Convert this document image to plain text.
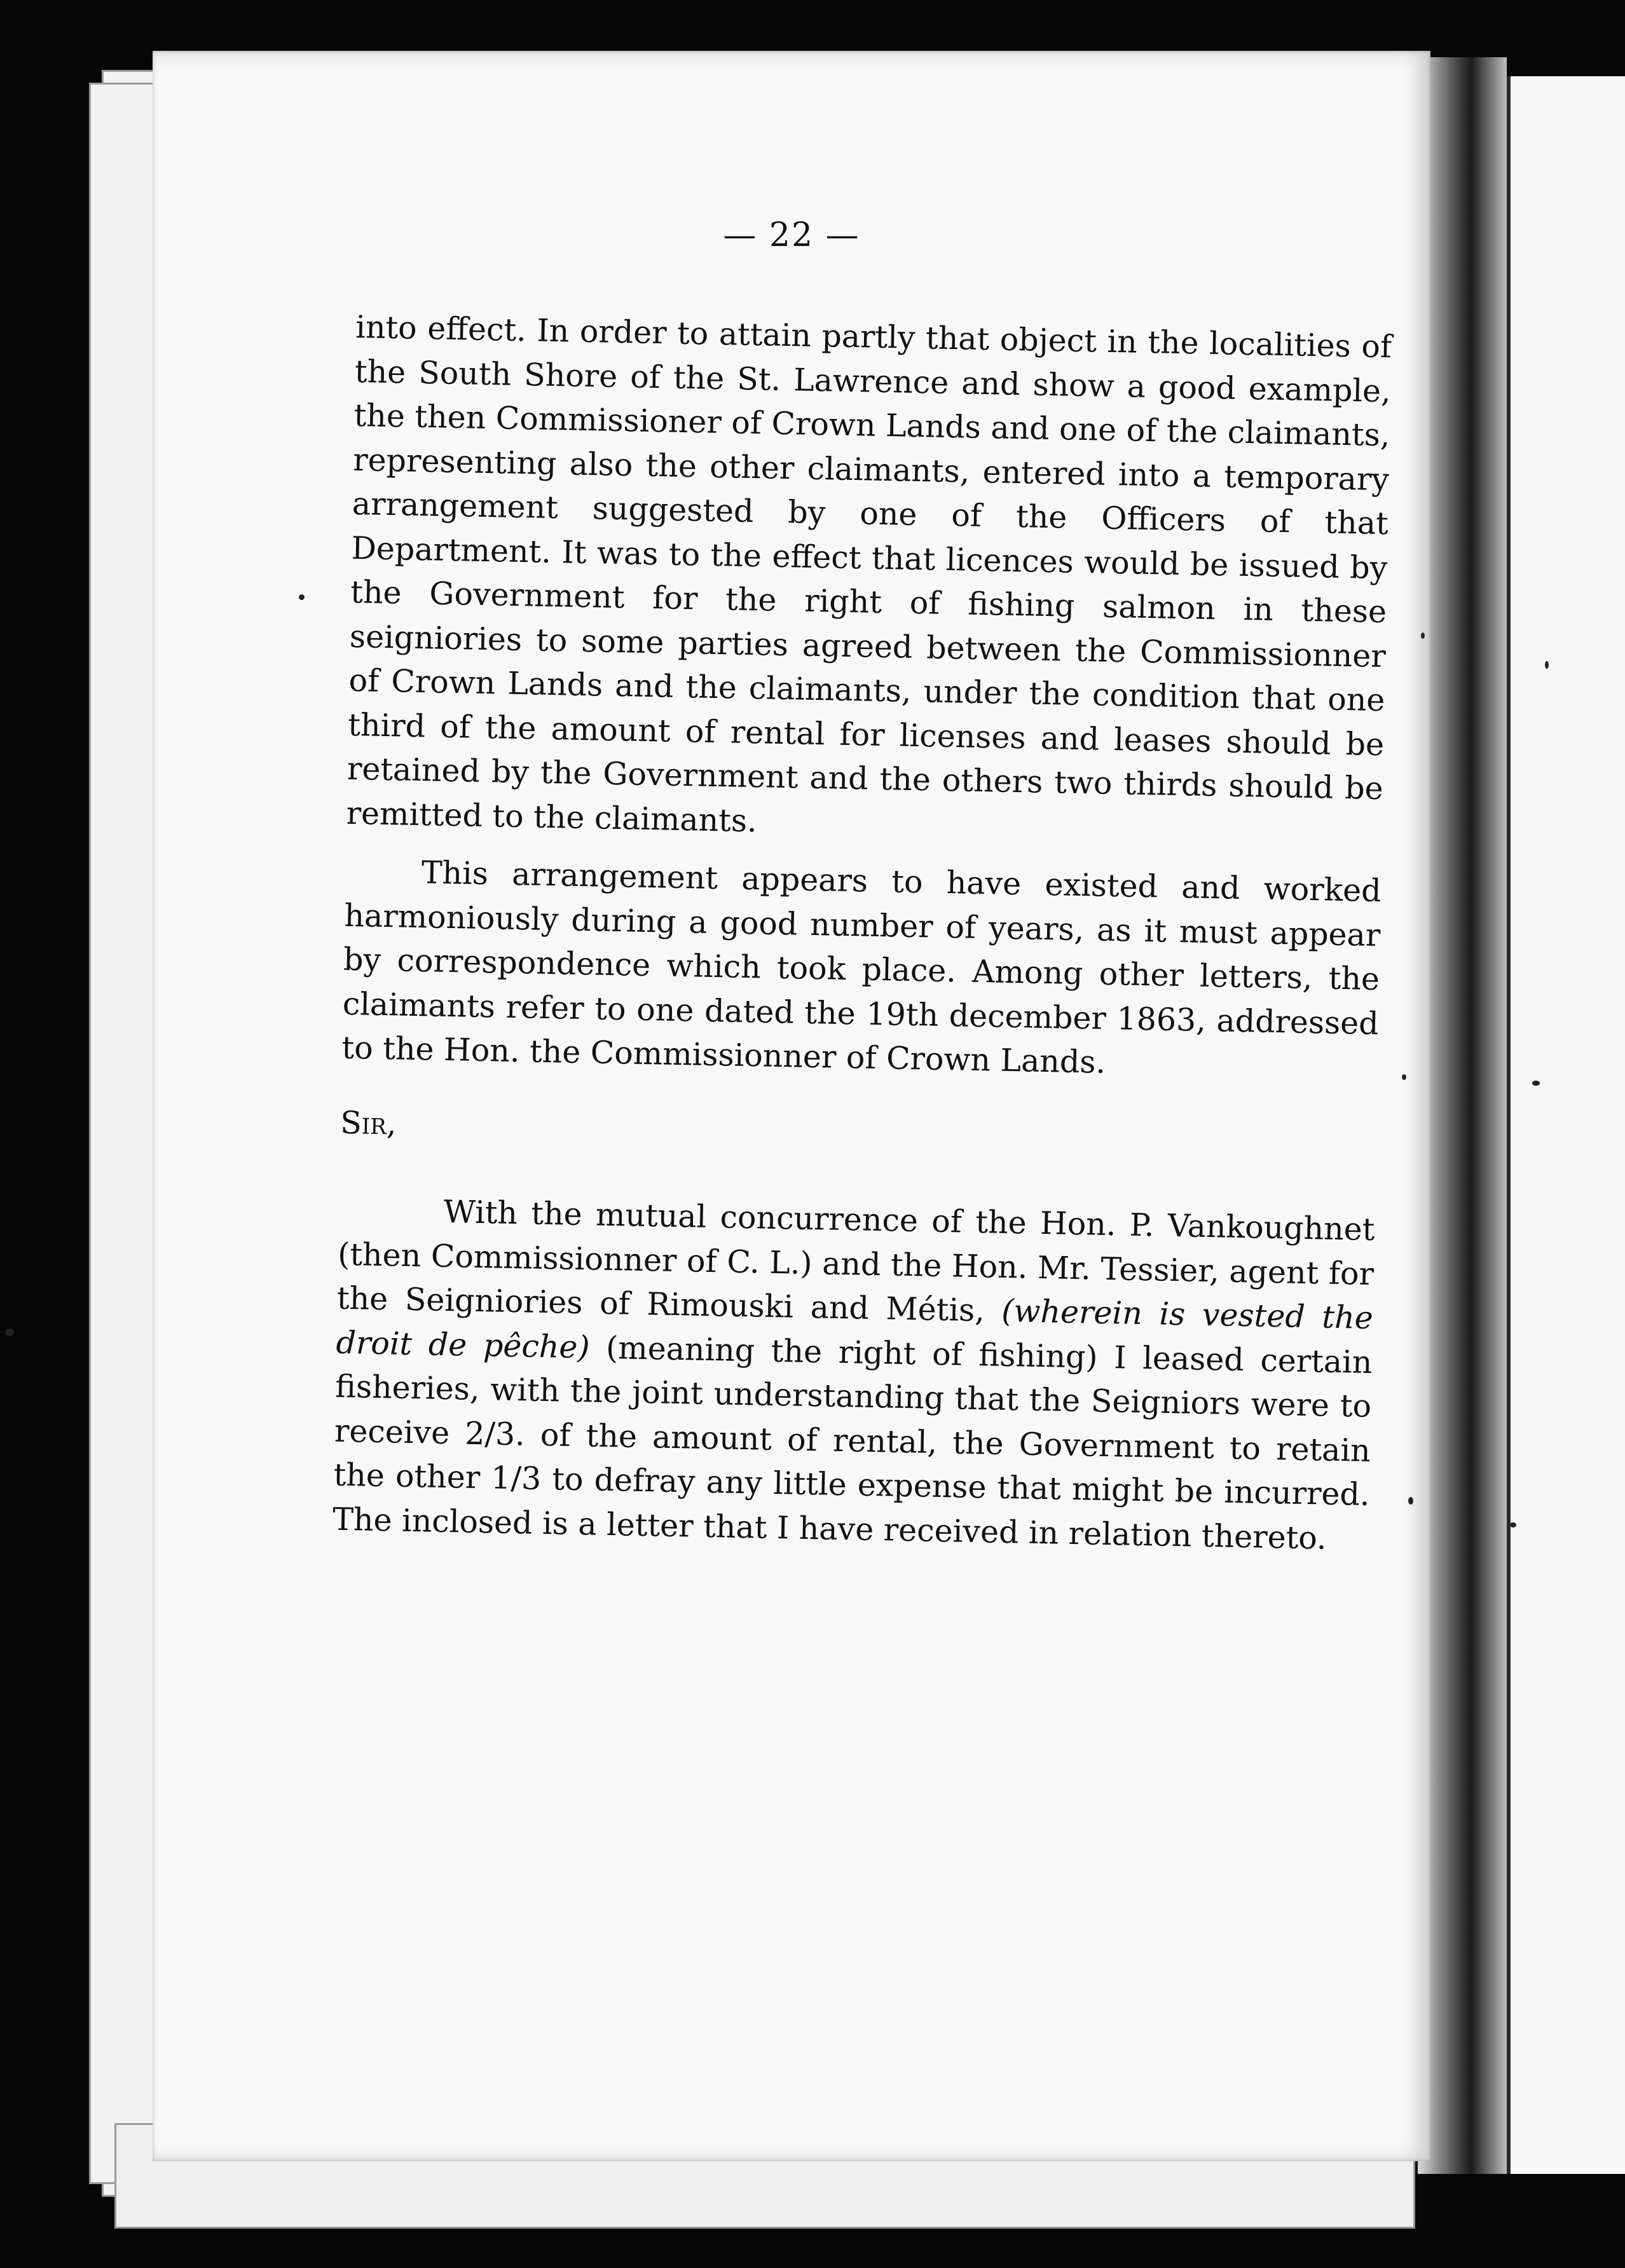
— 22 —

into effect. In order to attain partly that object in the localities of the South Shore of the St. Lawrence and show a good example, the then Commissioner of Crown Lands and one of the claimants, representing also the other claimants, entered into a temporary arrangement suggested by one of the Officers of that Department. It was to the effect that licences would be issued by the Government for the right of fishing salmon in these seigniories to some parties agreed between the Commissionner of Crown Lands and the claimants, under the condition that one third of the amount of rental for licenses and leases should be retained by the Government and the others two thirds should be remitted to the claimants.

This arrangement appears to have existed and worked harmoniously during a good number of years, as it must appear by correspondence which took place. Among other letters, the claimants refer to one dated the 19th december 1863, addressed to the Hon. the Commissionner of Crown Lands.

Sir,

With the mutual concurrence of the Hon. P. Vankoughnet (then Commissionner of C. L.) and the Hon. Mr. Tessier, agent for the Seigniories of Rimouski and Métis, (wherein is vested the droit de pêche) (meaning the right of fishing) I leased certain fisheries, with the joint understanding that the Seigniors were to receive 2/3. of the amount of rental, the Government to retain the other 1/3 to defray any little expense that might be incurred. The inclosed is a letter that I have received in relation thereto.
